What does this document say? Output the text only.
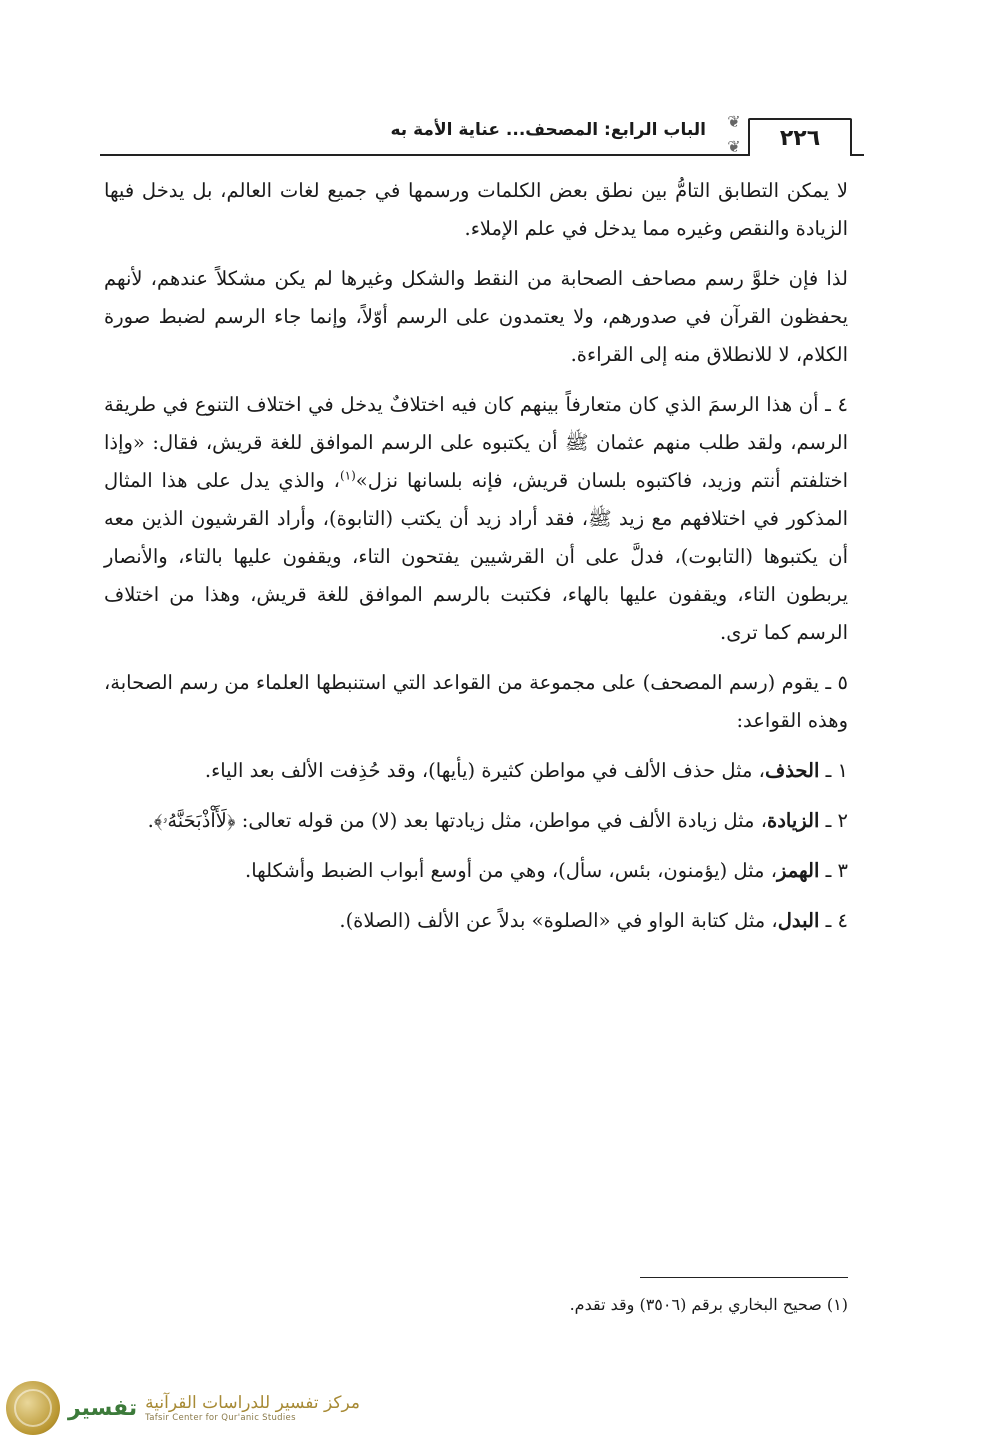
٢٢٦
❦
❦
الباب الرابع: المصحف... عناية الأمة به

لا يمكن التطابق التامُّ بين نطق بعض الكلمات ورسمها في جميع لغات العالم، بل يدخل فيها الزيادة والنقص وغيره مما يدخل في علم الإملاء.

لذا فإن خلوَّ رسم مصاحف الصحابة من النقط والشكل وغيرها لم يكن مشكلاً عندهم، لأنهم يحفظون القرآن في صدورهم، ولا يعتمدون على الرسم أوّلاً، وإنما جاء الرسم لضبط صورة الكلام، لا للانطلاق منه إلى القراءة.

٤ ـ أن هذا الرسمَ الذي كان متعارفاً بينهم كان فيه اختلافٌ يدخل في اختلاف التنوع في طريقة الرسم، ولقد طلب منهم عثمان ﷺ أن يكتبوه على الرسم الموافق للغة قريش، فقال: «وإذا اختلفتم أنتم وزيد، فاكتبوه بلسان قريش، فإنه بلسانها نزل»$^{(١)}$، والذي يدل على هذا المثال المذكور في اختلافهم مع زيد ﷺ، فقد أراد زيد أن يكتب (التابوة)، وأراد القرشيون الذين معه أن يكتبوها (التابوت)، فدلَّ على أن القرشيين يفتحون التاء، ويقفون عليها بالتاء، والأنصار يربطون التاء، ويقفون عليها بالهاء، فكتبت بالرسم الموافق للغة قريش، وهذا من اختلاف الرسم كما ترى.

٥ ـ يقوم (رسم المصحف) على مجموعة من القواعد التي استنبطها العلماء من رسم الصحابة، وهذه القواعد:

١ ـ الحذف، مثل حذف الألف في مواطن كثيرة (يأيها)، وقد حُذِفت الألف بعد الياء.

٢ ـ الزيادة، مثل زيادة الألف في مواطن، مثل زيادتها بعد (لا) من قوله تعالى: ﴿لَأَاْذْبَحَنَّهُۥ﴾.

٣ ـ الهمز، مثل (يؤمنون، بئس، سأل)، وهي من أوسع أبواب الضبط وأشكلها.

٤ ـ البدل، مثل كتابة الواو في «الصلوة» بدلاً عن الألف (الصلاة).

(١) صحيح البخاري برقم (٣٥٠٦) وقد تقدم.
تفسير مركز تفسير للدراسات القرآنية
Tafsir Center for Qur'anic Studies
